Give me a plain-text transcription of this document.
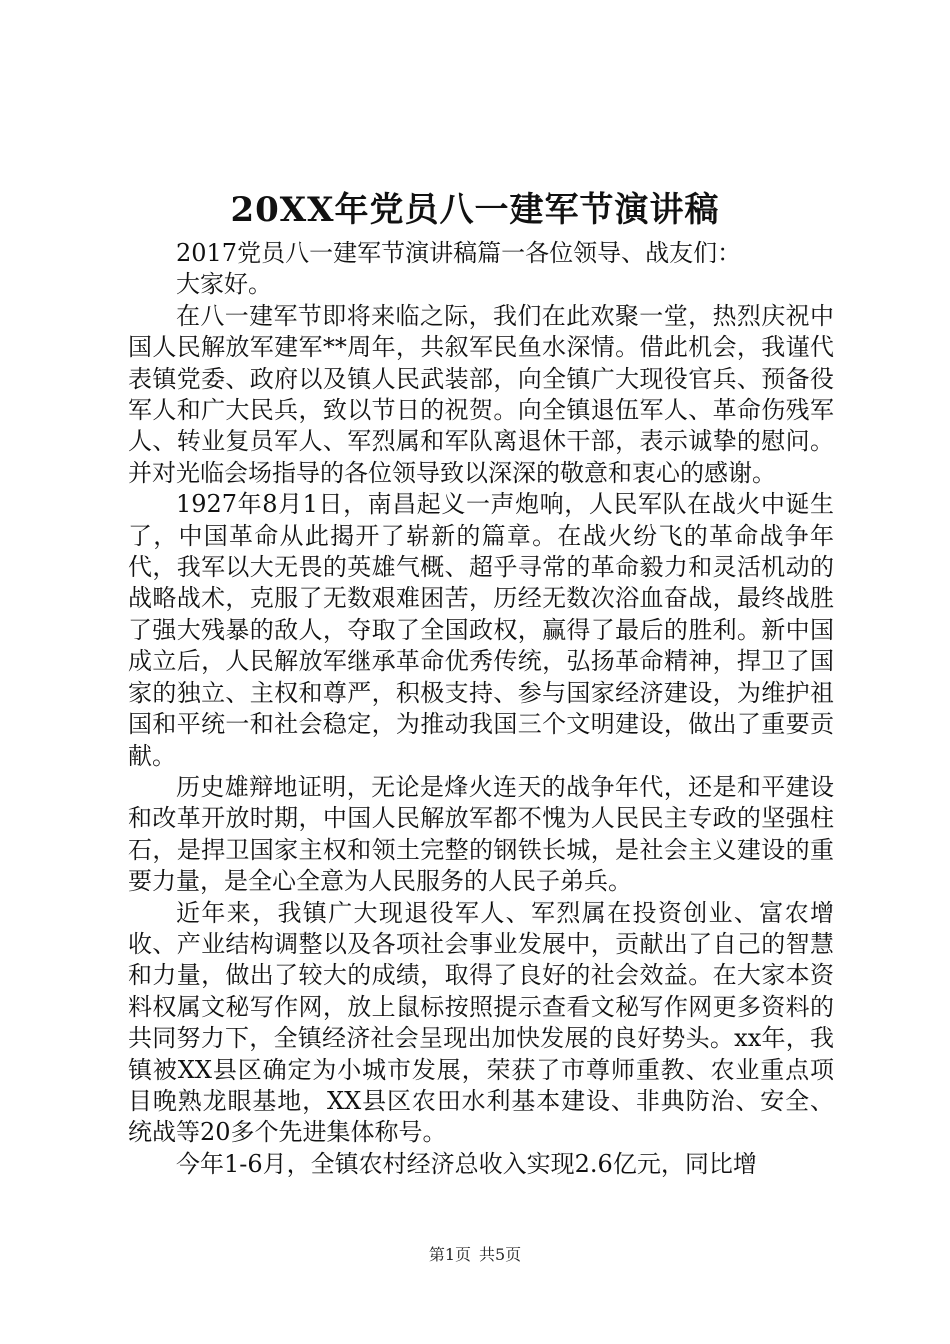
20XX年党员八一建军节演讲稿

2017党员八一建军节演讲稿篇一各位领导、战友们：

大家好。

在八一建军节即将来临之际，我们在此欢聚一堂，热烈庆祝中国人民解放军建军**周年，共叙军民鱼水深情。借此机会，我谨代表镇党委、政府以及镇人民武装部，向全镇广大现役官兵、预备役军人和广大民兵，致以节日的祝贺。向全镇退伍军人、革命伤残军人、转业复员军人、军烈属和军队离退休干部，表示诚挚的慰问。并对光临会场指导的各位领导致以深深的敬意和衷心的感谢。

1927年8月1日，南昌起义一声炮响，人民军队在战火中诞生了，中国革命从此揭开了崭新的篇章。在战火纷飞的革命战争年代，我军以大无畏的英雄气概、超乎寻常的革命毅力和灵活机动的战略战术，克服了无数艰难困苦，历经无数次浴血奋战，最终战胜了强大残暴的敌人，夺取了全国政权，赢得了最后的胜利。新中国成立后，人民解放军继承革命优秀传统，弘扬革命精神，捍卫了国家的独立、主权和尊严，积极支持、参与国家经济建设，为维护祖国和平统一和社会稳定，为推动我国三个文明建设，做出了重要贡献。

历史雄辩地证明，无论是烽火连天的战争年代，还是和平建设和改革开放时期，中国人民解放军都不愧为人民民主专政的坚强柱石，是捍卫国家主权和领土完整的钢铁长城，是社会主义建设的重要力量，是全心全意为人民服务的人民子弟兵。

近年来，我镇广大现退役军人、军烈属在投资创业、富农增收、产业结构调整以及各项社会事业发展中，贡献出了自己的智慧和力量，做出了较大的成绩，取得了良好的社会效益。在大家本资料权属文秘写作网，放上鼠标按照提示查看文秘写作网更多资料的共同努力下，全镇经济社会呈现出加快发展的良好势头。xx年，我镇被XX县区确定为小城市发展，荣获了市尊师重教、农业重点项目晚熟龙眼基地，XX县区农田水利基本建设、非典防治、安全、统战等20多个先进集体称号。

今年1-6月，全镇农村经济总收入实现2.6亿元，同比增

第1页 共5页
